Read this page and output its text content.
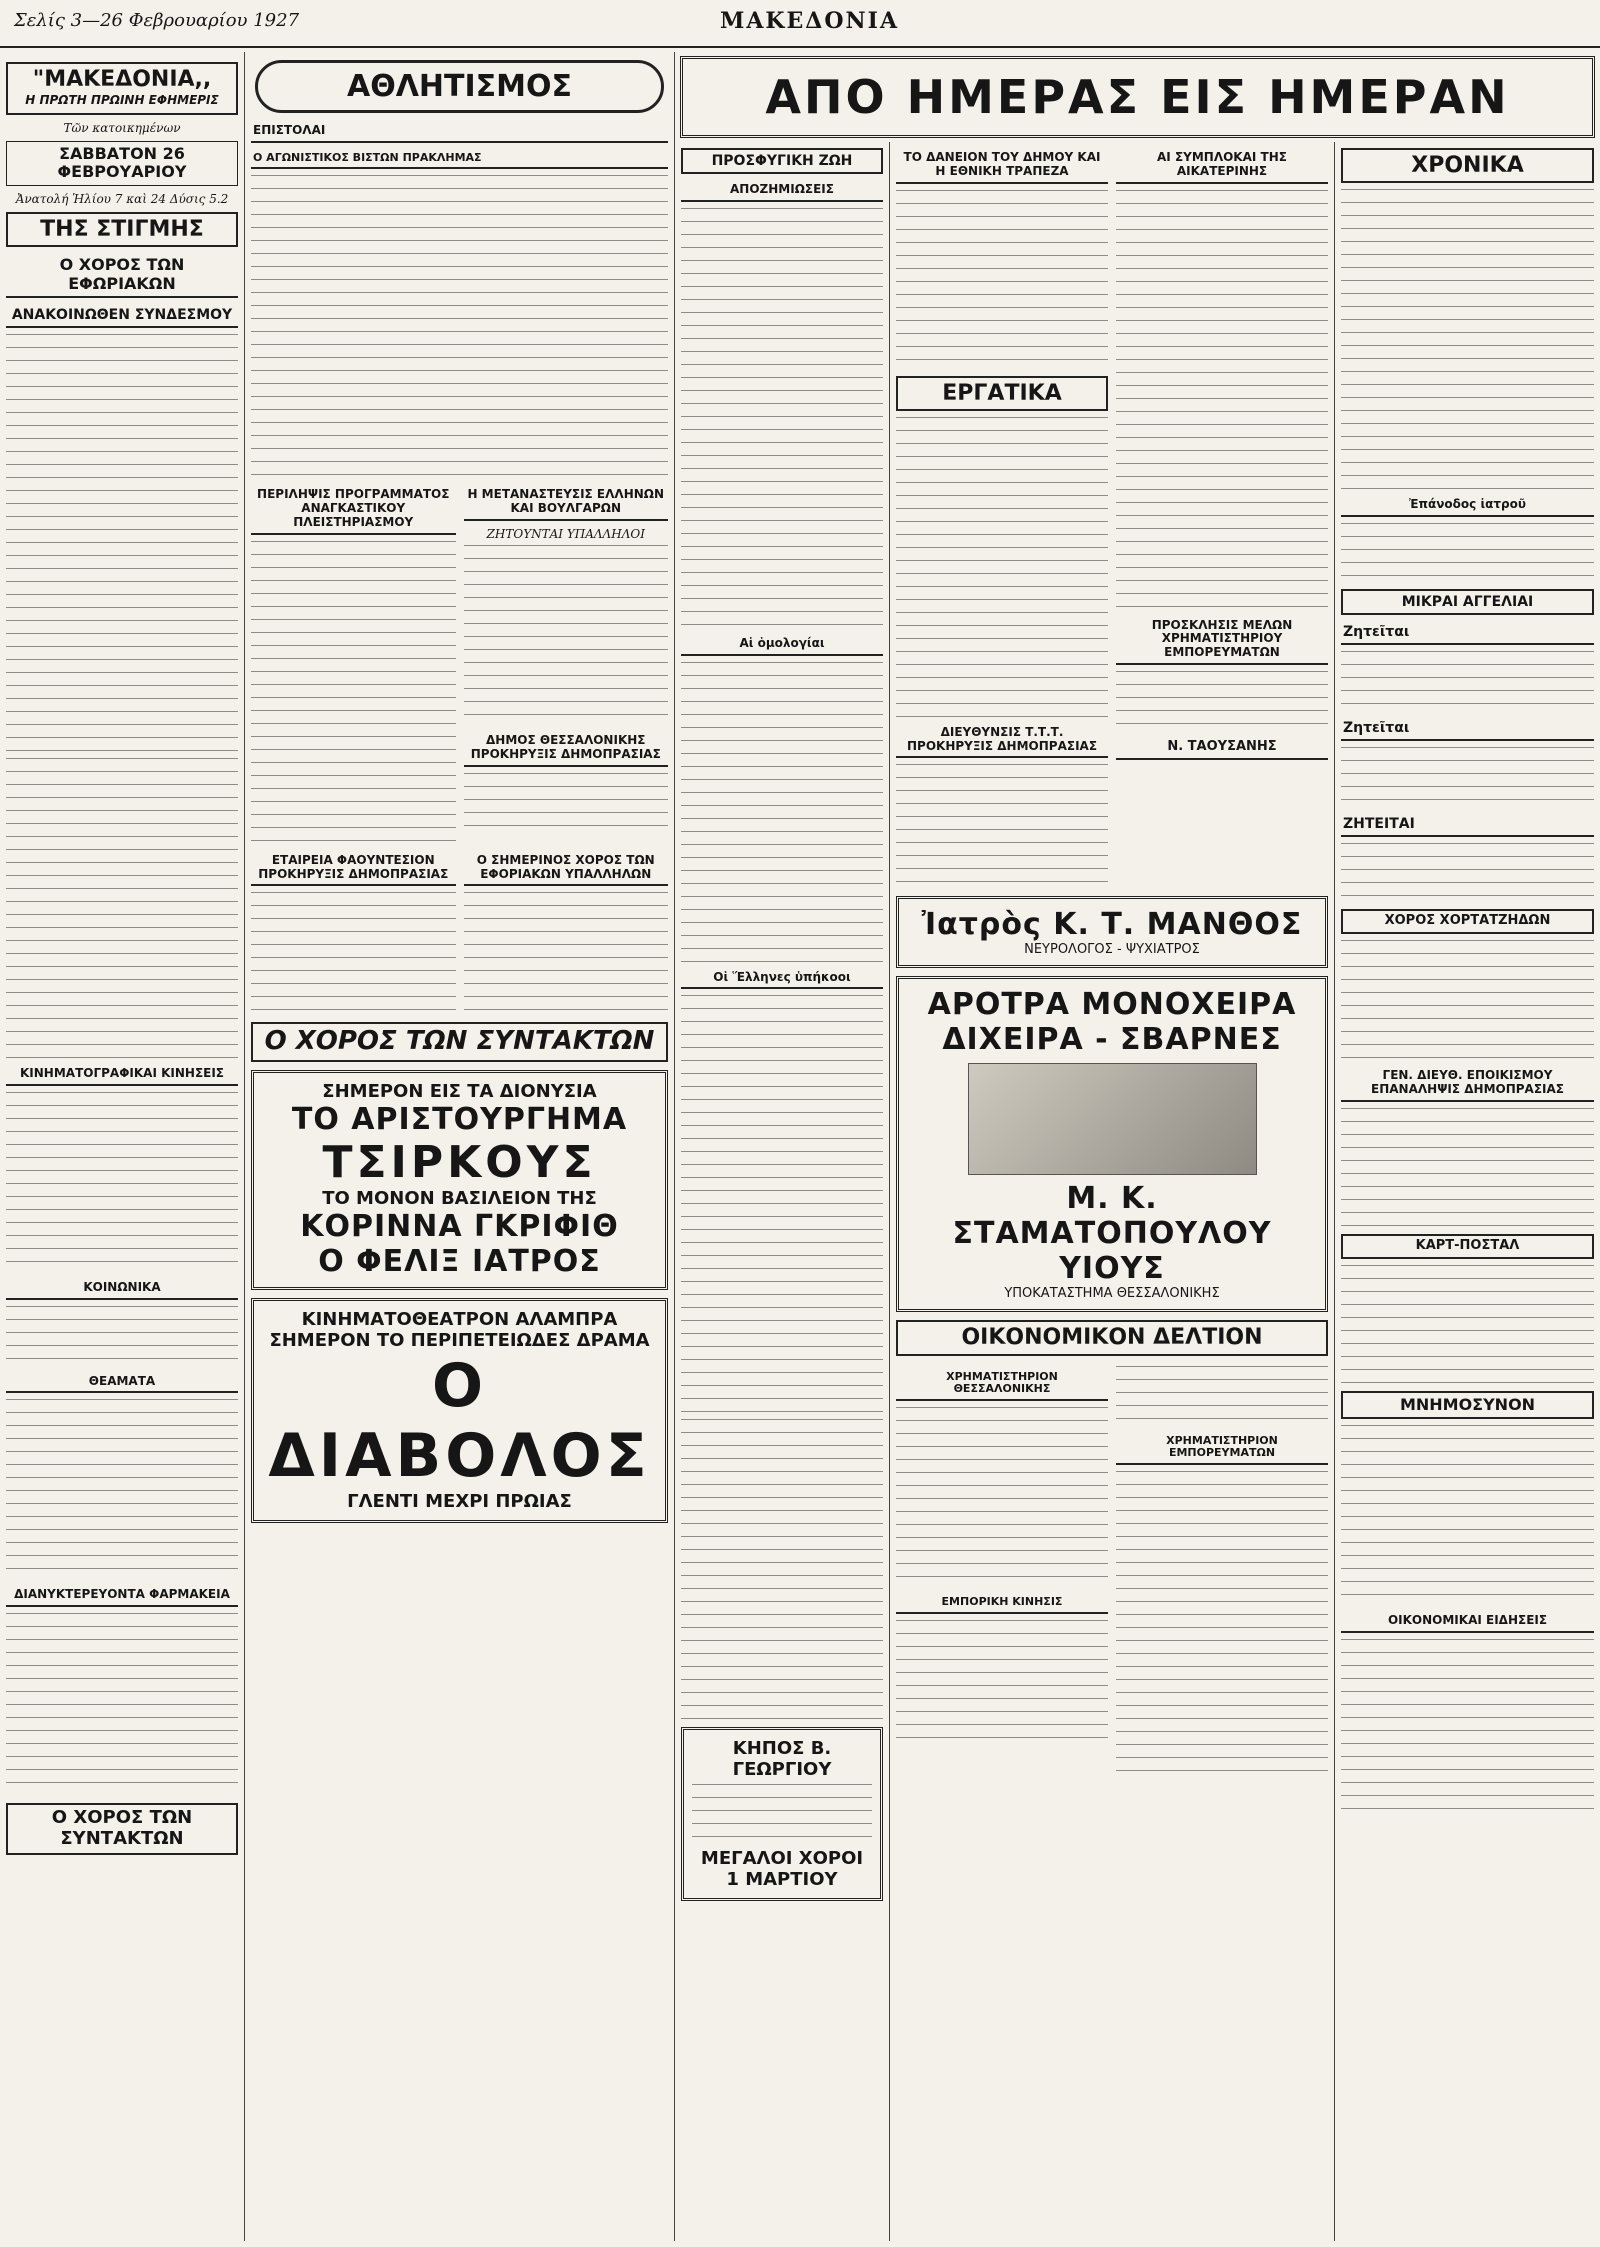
Σελίς 3—26 Φεβρουαρίου 1927	ΜΑΚΕΔΟΝΙΑ
"ΜΑΚΕΔΟΝΙΑ,,
Η ΠΡΩΤΗ ΠΡΩΙΝΗ ΕΦΗΜΕΡΙΣ
Τῶν κατοικημένων
ΣΑΒΒΑΤΟΝ 26 ΦΕΒΡΟΥΑΡΙΟΥ
Ἀνατολή Ἡλίου 7 καὶ 24 Δύσις 5.2
ΤΗΣ ΣΤΙΓΜΗΣ
Ο ΧΟΡΟΣ ΤΩΝ ΕΦΩΡΙΑΚΩΝ
ΑΝΑΚΟΙΝΩΘΕΝ ΣΥΝΔΕΣΜΟΥ
ΚΙΝΗΜΑΤΟΓΡΑΦΙΚΑΙ ΚΙΝΗΣΕΙΣ
ΚΟΙΝΩΝΙΚΑ
ΘΕΑΜΑΤΑ
ΔΙΑΝΥΚΤΕΡΕΥΟΝΤΑ ΦΑΡΜΑΚΕΙΑ
Ο ΧΟΡΟΣ ΤΩΝ ΣΥΝΤΑΚΤΩΝ
ΑΘΛΗΤΙΣΜΟΣ
ΕΠΙΣΤΟΛΑΙ
Ο ΑΓΩΝΙΣΤΙΚΟΣ ΒΙΣΤΩΝ ΠΡΑΚΛΗΜΑΣ
ΠΕΡΙΛΗΨΙΣ ΠΡΟΓΡΑΜΜΑΤΟΣ ΑΝΑΓΚΑΣΤΙΚΟΥ ΠΛΕΙΣΤΗΡΙΑΣΜΟΥ
Η ΜΕΤΑΝΑΣΤΕΥΣΙΣ ΕΛΛΗΝΩΝ ΚΑΙ ΒΟΥΛΓΑΡΩΝ
ΖΗΤΟΥΝΤΑΙ ΥΠΑΛΛΗΛΟΙ
ΔΗΜΟΣ ΘΕΣΣΑΛΟΝΙΚΗΣ ΠΡΟΚΗΡΥΞΙΣ ΔΗΜΟΠΡΑΣΙΑΣ
ΕΤΑΙΡΕΙΑ ΦΑΟΥΝΤΕΣΙΟΝ ΠΡΟΚΗΡΥΞΙΣ ΔΗΜΟΠΡΑΣΙΑΣ
Ο ΣΗΜΕΡΙΝΟΣ ΧΟΡΟΣ ΤΩΝ ΕΦΟΡΙΑΚΩΝ ΥΠΑΛΛΗΛΩΝ
Ο ΧΟΡΟΣ ΤΩΝ ΣΥΝΤΑΚΤΩΝ
ΣΗΜΕΡΟΝ ΕΙΣ ΤΑ ΔΙΟΝΥΣΙΑ
ΤΟ ΑΡΙΣΤΟΥΡΓΗΜΑ
ΤΣΙΡΚΟΥΣ
ΤΟ ΜΟΝΟΝ ΒΑΣΙΛΕΙΟΝ ΤΗΣ
ΚΟΡΙΝΝΑ ΓΚΡΙΦΙΘ
Ο ΦΕΛΙΞ ΙΑΤΡΟΣ
ΚΙΝΗΜΑΤΟΘΕΑΤΡΟΝ ΑΛΑΜΠΡΑ
ΣΗΜΕΡΟΝ ΤΟ ΠΕΡΙΠΕΤΕΙΩΔΕΣ ΔΡΑΜΑ
Ο ΔΙΑΒΟΛΟΣ
ΓΛΕΝΤΙ ΜΕΧΡΙ ΠΡΩΙΑΣ
ΑΠΟ ΗΜΕΡΑΣ ΕΙΣ ΗΜΕΡΑΝ
ΠΡΟΣΦΥΓΙΚΗ ΖΩΗ
ΑΠΟΖΗΜΙΩΣΕΙΣ
Αἱ ὁμολογίαι
Οἱ Ἕλληνες ὑπήκοοι
ΚΗΠΟΣ Β. ΓΕΩΡΓΙΟΥ
ΜΕΓΑΛΟΙ ΧΟΡΟΙ
1 ΜΑΡΤΙΟΥ
ΤΟ ΔΑΝΕΙΟΝ ΤΟΥ ΔΗΜΟΥ ΚΑΙ Η ΕΘΝΙΚΗ ΤΡΑΠΕΖΑ
ΕΡΓΑΤΙΚΑ
ΔΙΕΥΘΥΝΣΙΣ Τ.Τ.Τ. ΠΡΟΚΗΡΥΞΙΣ ΔΗΜΟΠΡΑΣΙΑΣ
ΑΙ ΣΥΜΠΛΟΚΑΙ ΤΗΣ ΑΙΚΑΤΕΡΙΝΗΣ
ΠΡΟΣΚΛΗΣΙΣ ΜΕΛΩΝ ΧΡΗΜΑΤΙΣΤΗΡΙΟΥ ΕΜΠΟΡΕΥΜΑΤΩΝ
Ν. ΤΑΟΥΣΑΝΗΣ
Ἰατρὸς Κ. Τ. ΜΑΝΘΟΣ
ΝΕΥΡΟΛΟΓΟΣ - ΨΥΧΙΑΤΡΟΣ
ΑΡΟΤΡΑ ΜΟΝΟΧΕΙΡΑ
ΔΙΧΕΙΡΑ - ΣΒΑΡΝΕΣ
Μ. Κ. ΣΤΑΜΑΤΟΠΟΥΛΟΥ ΥΙΟΥΣ
ΥΠΟΚΑΤΑΣΤΗΜΑ ΘΕΣΣΑΛΟΝΙΚΗΣ
ΟΙΚΟΝΟΜΙΚΟΝ ΔΕΛΤΙΟΝ
ΧΡΗΜΑΤΙΣΤΗΡΙΟΝ ΘΕΣΣΑΛΟΝΙΚΗΣ
ΕΜΠΟΡΙΚΗ ΚΙΝΗΣΙΣ
ΧΡΗΜΑΤΙΣΤΗΡΙΟΝ ΕΜΠΟΡΕΥΜΑΤΩΝ
ΧΡΟΝΙΚΑ
Ἐπάνοδος ἰατροῦ
ΜΙΚΡΑΙ ΑΓΓΕΛΙΑΙ
Ζητεῖται
Ζητεῖται
ΖΗΤΕΙΤΑΙ
ΧΟΡΟΣ ΧΟΡΤΑΤΖΗΔΩΝ
ΓΕΝ. ΔΙΕΥΘ. ΕΠΟΙΚΙΣΜΟΥ ΕΠΑΝΑΛΗΨΙΣ ΔΗΜΟΠΡΑΣΙΑΣ
ΚΑΡΤ-ΠΟΣΤΑΛ
ΜΝΗΜΟΣΥΝΟΝ
ΟΙΚΟΝΟΜΙΚΑΙ ΕΙΔΗΣΕΙΣ
